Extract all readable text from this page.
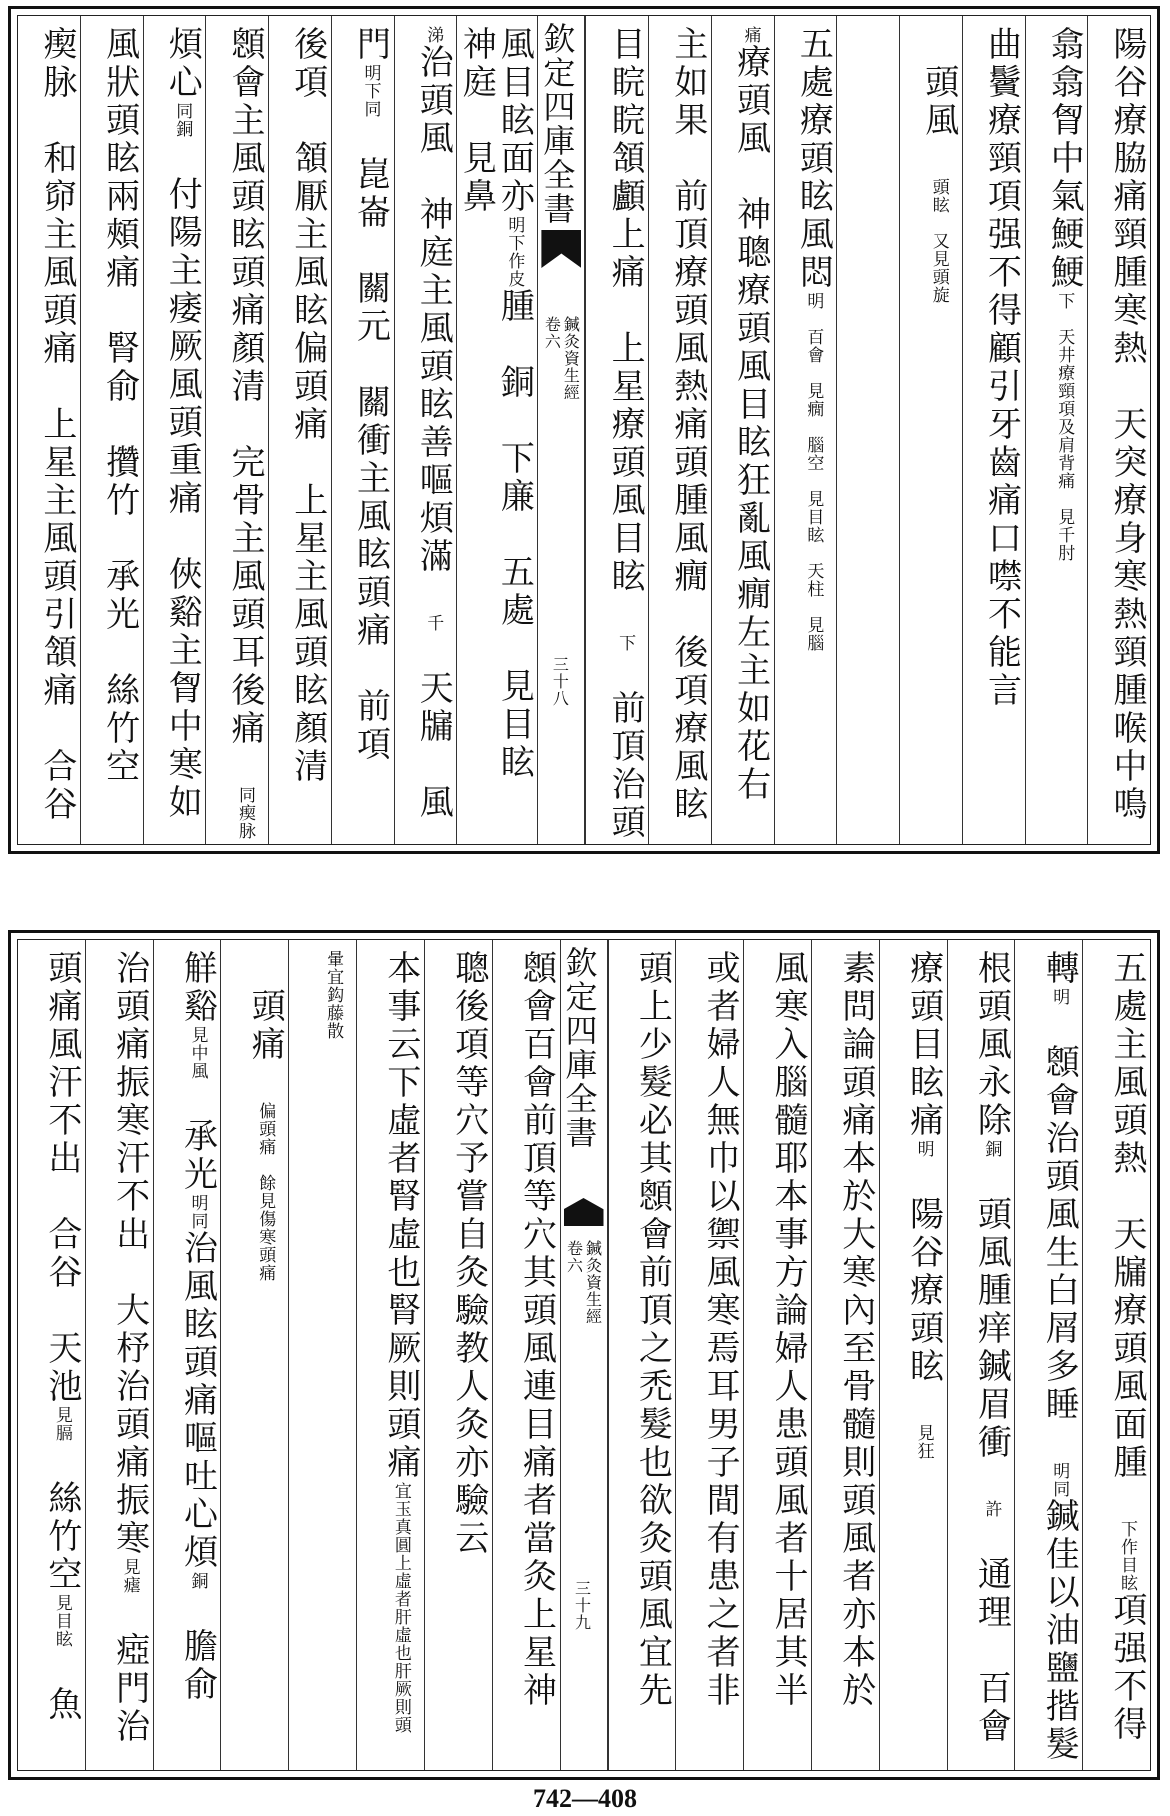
陽谷療脇痛頸腫寒熱　天突療身寒熱頸腫喉中鳴
翕翕胷中氣鯁鯁下　天井療頸項及肩背痛　見千肘
曲鬢療頸項强不得顧引牙齒痛口噤不能言
　頭風　頭眩　又見頭旋
五處療頭眩風悶明　百會　見癇　腦空　見目眩　天柱　見腦
痛療頭風　神聰療頭風目眩狂亂風癇左主如花右
主如果　前頂療頭風熱痛頭腫風癇　後項療風眩
目睆睆頷顱上痛　上星療頭風目眩　下　前頂治頭
欽定四庫全書
鍼灸資生經
卷六
三十八
風目眩面亦明下作皮腫　銅　下廉　五處　見目眩　神庭　見鼻
涕治頭風　神庭主風頭眩善嘔煩滿　千　天牖　風
門明下同　崑崙　關元　關衝主風眩頭痛　前項
後項　頷厭主風眩偏頭痛　上星主風頭眩顏清
顖會主風頭眩頭痛顏清　完骨主風頭耳後痛　同瘈脉
煩心同銅　付陽主痿厥風頭重痛　俠谿主胷中寒如
風狀頭眩兩頰痛　腎俞　攢竹　承光　絲竹空
瘈脉　和窌主風頭痛　上星主風頭引頷痛　合谷
五處主風頭熱　天牖療頭風面腫　下作目眩項强不得
轉明　顖會治頭風生白屑多睡　明同鍼佳以油鹽揩髮
根頭風永除銅　頭風腫痒鍼眉衝　許　通理　百會
療頭目眩痛明　陽谷療頭眩　見狂
素問論頭痛本於大寒內至骨髓則頭風者亦本於
風寒入腦髓耶本事方論婦人患頭風者十居其半
或者婦人無巾以禦風寒焉耳男子間有患之者非
頭上少髮必其顖會前頂之禿髮也欲灸頭風宜先
欽定四庫全書
鍼灸資生經
卷六
三十九
顖會百會前頂等穴其頭風連目痛者當灸上星神
聰後項等穴予嘗自灸驗教人灸亦驗云
本事云下虛者腎虛也腎厥則頭痛宜玉真圓上虛者肝虛也肝厥則頭
暈宜鈎藤散
　頭痛　偏頭痛　餘見傷寒頭痛
觧谿見中風　承光明同治風眩頭痛嘔吐心煩銅　膽俞
治頭痛振寒汗不出　大杼治頭痛振寒見瘧　瘂門治
頭痛風汗不出　合谷　天池見膈　絲竹空見目眩　魚
742—408
